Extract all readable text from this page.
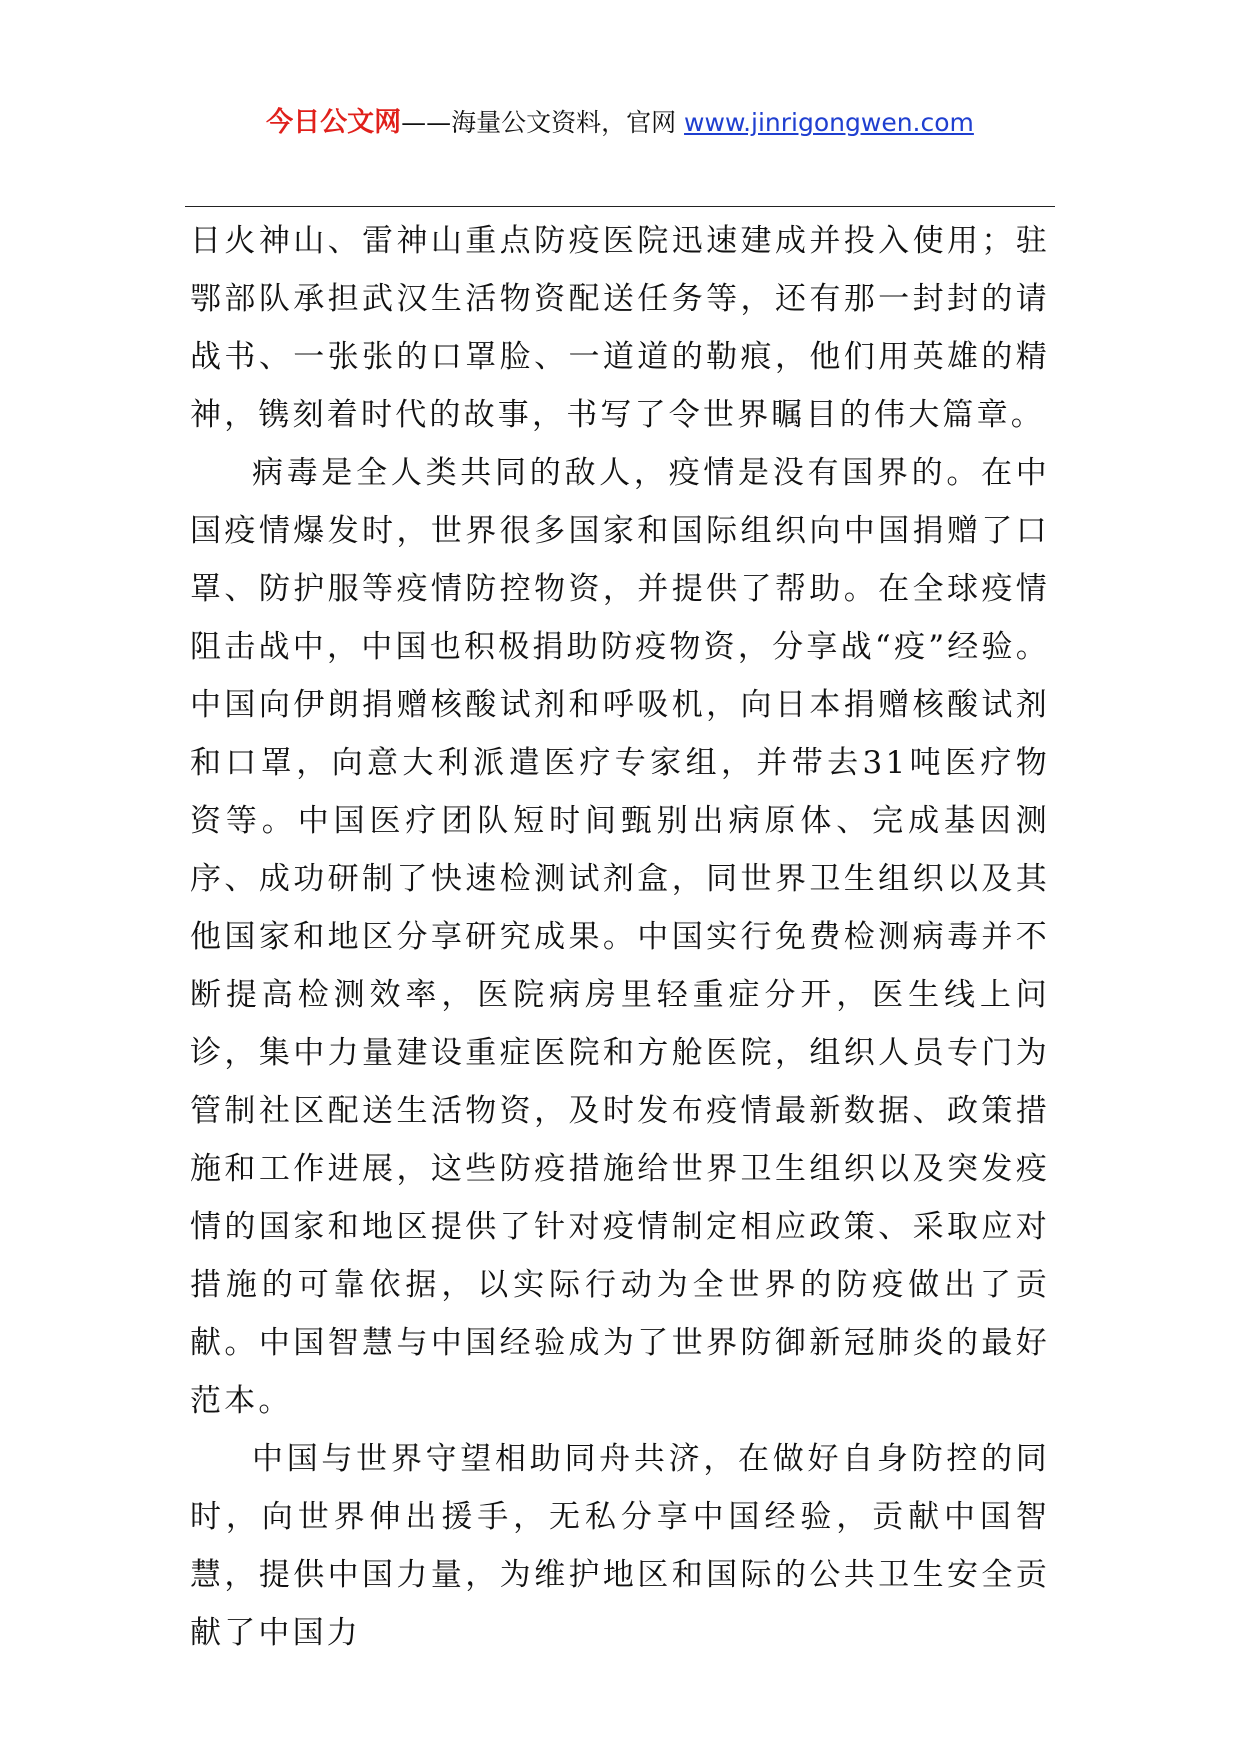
今日公文网——海量公文资料，官网 www.jinrigongwen.com

日火神山、雷神山重点防疫医院迅速建成并投入使用；驻鄂部队承担武汉生活物资配送任务等，还有那一封封的请战书、一张张的口罩脸、一道道的勒痕，他们用英雄的精神，镌刻着时代的故事，书写了令世界瞩目的伟大篇章。

病毒是全人类共同的敌人，疫情是没有国界的。在中国疫情爆发时，世界很多国家和国际组织向中国捐赠了口罩、防护服等疫情防控物资，并提供了帮助。在全球疫情阻击战中，中国也积极捐助防疫物资，分享战“疫”经验。中国向伊朗捐赠核酸试剂和呼吸机，向日本捐赠核酸试剂和口罩，向意大利派遣医疗专家组，并带去31吨医疗物资等。中国医疗团队短时间甄别出病原体、完成基因测序、成功研制了快速检测试剂盒，同世界卫生组织以及其他国家和地区分享研究成果。中国实行免费检测病毒并不断提高检测效率，医院病房里轻重症分开，医生线上问诊，集中力量建设重症医院和方舱医院，组织人员专门为管制社区配送生活物资，及时发布疫情最新数据、政策措施和工作进展，这些防疫措施给世界卫生组织以及突发疫情的国家和地区提供了针对疫情制定相应政策、采取应对措施的可靠依据，以实际行动为全世界的防疫做出了贡献。中国智慧与中国经验成为了世界防御新冠肺炎的最好范本。

中国与世界守望相助同舟共济，在做好自身防控的同时，向世界伸出援手，无私分享中国经验，贡献中国智慧，提供中国力量，为维护地区和国际的公共卫生安全贡献了中国力
